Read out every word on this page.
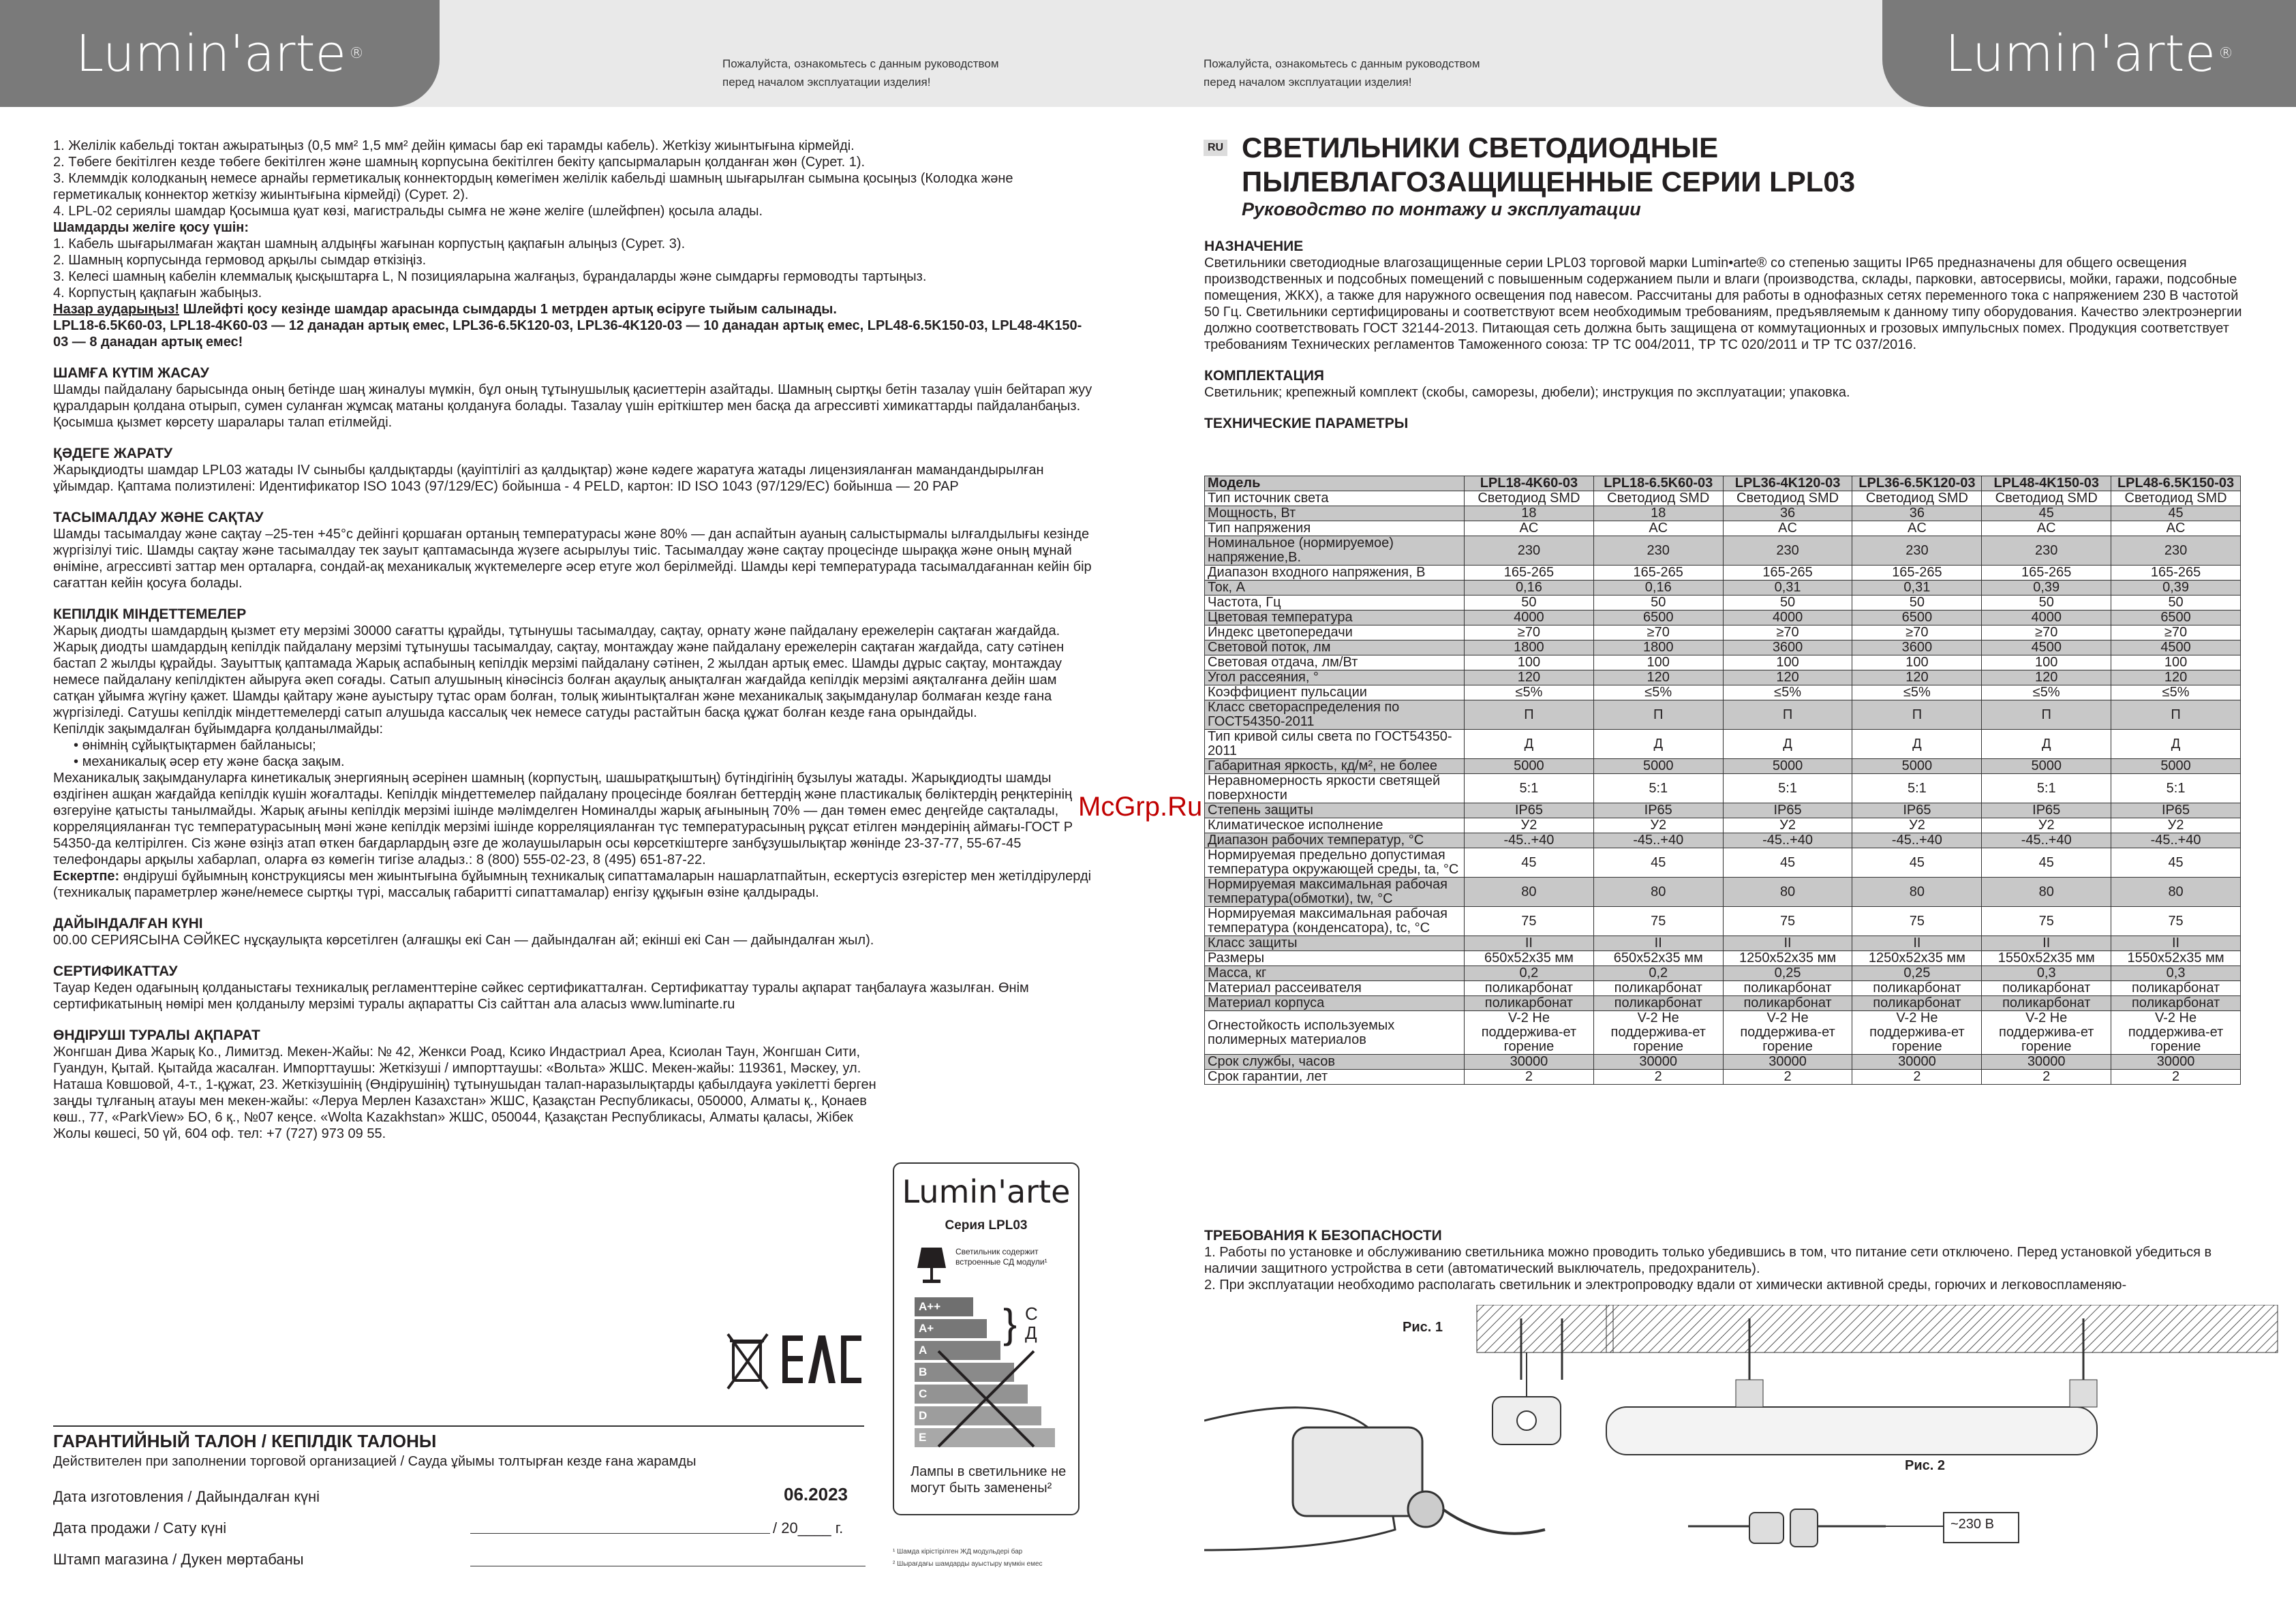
Lumin'arte ®	Lumin'arte ®
Пожалуйста, ознакомьтесь с данным руководством
перед началом эксплуатации изделия!
Пожалуйста, ознакомьтесь с данным руководством
перед началом эксплуатации изделия!

1. Желілік кабельді токтан ажыратыңыз (0,5 мм² 1,5 мм² дейін қимасы бар екі тарамды кабель). Жетkізу жиынтығына кірмейді.

2. Төбеге бекітілген кезде төбеге бекітілген және шамның корпусына бекітілген бекіту қапсырмаларын қолданған жөн (Сурет. 1).

3. Клеммдік колодканың немесе арнайы герметикалық коннектордың көмегімен желілік кабельді шамның шығарылған сымына қосыңыз (Колодка және герметикалық коннектор жеткізу жиынтығына кірмейді) (Сурет. 2).

4. LPL-02 сериялы шамдар Қосымша қуат көзі, магистральды сымға не және желіге (шлейфпен) қосыла алады.

Шамдарды желіге қосу үшін:

1. Кабель шығарылмаған жақтан шамның алдыңғы жағынан корпустың қақпағын алыңыз (Сурет. 3).

2. Шамның корпусында гермовод арқылы сымдар өткізіңіз.

3. Келесі шамның кабелін клеммалық қысқыштарға L, N позицияларына жалғаңыз, бұрандаларды және сымдарғы гермоводты тартыңыз.

4. Корпустың қақпағын жабыңыз.

Назар аударыңыз! Шлейфті қосу кезінде шамдар арасында сымдарды 1 метрден артық өсіруге тыйым салынады.

LPL18-6.5K60-03, LPL18-4K60-03 — 12 данадан артық емес, LPL36-6.5K120-03, LPL36-4K120-03 — 10 данадан артық емес, LPL48-6.5K150-03, LPL48-4K150-03 — 8 данадан артық емес!

ШАМҒА КҮТІМ ЖАСАУ

Шамды пайдалану барысында оның бетінде шаң жиналуы мүмкін, бұл оның тұтынушылық қасиеттерін азайтады. Шамның сыртқы бетін тазалау үшін бейтарап жуу құралдарын қолдана отырып, сумен суланған жұмсақ матаны қолдануға болады. Тазалау үшін еріткіштер мен басқа да агрессивті химикаттарды пайдаланбаңыз. Қосымша қызмет көрсету шаралары талап етілмейді.

ҚӘДЕГЕ ЖАРАТУ

Жарықдиодты шамдар LPL03 жатады IV сыныбы қалдықтарды (қауіптілігі аз қалдықтар) және кәдеге жаратуға жатады лицензияланған мамандандырылған ұйымдар. Қаптама полиэтилені: Идентификатор ISO 1043 (97/129/EC) бойынша - 4 PELD, картон: ID ISO 1043 (97/129/EC) бойынша — 20 PAP

ТАСЫМАЛДАУ ЖӘНЕ САҚТАУ

Шамды тасымалдау және сақтау –25-тен +45°с дейінгі қоршаған ортаның температурасы және 80% — дан аспайтын ауаның салыстырмалы ылғалдылығы кезінде жүргізілуі тиіс. Шамды сақтау және тасымалдау тек зауыт қаптамасында жүзеге асырылуы тиіс. Тасымалдау және сақтау процесінде шыраққа және оның мұнай өніміне, агрессивті заттар мен орталарға, сондай-ақ механикалық жүктемелерге әсер етуге жол берілмейді. Шамды кері температурада тасымалдағаннан кейін бір сағаттан кейін қосуға болады.

КЕПІЛДІК МІНДЕТТЕМЕЛЕР

Жарық диодты шамдардың қызмет ету мерзімі 30000 сағатты құрайды, тұтынушы тасымалдау, сақтау, орнату және пайдалану ережелерін сақтаған жағдайда. Жарық диодты шамдардың кепілдік пайдалану мерзімі тұтынушы тасымалдау, сақтау, монтаждау және пайдалану ережелерін сақтаған жағдайда, сату сәтінен бастап 2 жылды құрайды. Зауыттық қаптамада Жарық аспабының кепілдік мерзімі пайдалану сәтінен, 2 жылдан артық емес. Шамды дұрыс сақтау, монтаждау немесе пайдалану кепілдіктен айыруға әкеп соғады. Сатып алушының кінәсінсіз болған ақаулық анықталған жағдайда кепілдік мерзімі аяқталғанға дейін шам сатқан ұйымға жүгіну қажет. Шамды қайтару және ауыстыру тұтас орам болған, толық жиынтықталған және механикалық зақымданулар болмаған кезде ғана жүргізіледі. Сатушы кепілдік міндеттемелерді сатып алушыда кассалық чек немесе сатуды растайтын басқа құжат болған кезде ғана орындайды.

Кепілдік зақымдалған бұйымдарға қолданылмайды:

• өнімнің сұйықтықтармен байланысы;
• механикалық әсер ету және басқа зақым.

Механикалық зақымдануларға кинетикалық энергияның әсерінен шамның (корпустың, шашыратқыштың) бүтіндігінің бұзылуы жатады. Жарықдиодты шамды өздігінен ашқан жағдайда кепілдік күшін жоғалтады. Кепілдік міндеттемелер пайдалану процесінде боялған беттердің және пластикалық бөліктердің реңктерінің өзгеруіне қатысты танылмайды. Жарық ағыны кепілдік мерзімі ішінде мәлімделген Номиналды жарық ағынының 70% — дан төмен емес деңгейде сақталады, корреляцияланған түс температурасының мәні және кепілдік мерзімі ішінде корреляцияланған түс температурасының рұқсат етілген мәндерінің аймағы-ГОСТ Р 54350-да келтірілген. Сіз және өзіңіз атап өткен бағдарлардың әзге де жолаушыларын осы көрсеткіштерге занбұзушылықтар жөнінде 23-37-77, 55-67-45 телефондары арқылы хабарлап, оларға өз көмегін тигізе аладыз.: 8 (800) 555-02-23, 8 (495) 651-87-22.

Ескертпе: өндіруші бұйымның конструкциясы мен жиынтығына бұйымның техникалық сипаттамаларын нашарлатпайтын, ескертусіз өзгерістер мен жетілдірулерді (техникалық параметрлер және/немесе сыртқы түрі, массалық габаритті сипаттамалар) енгізу құқығын өзіне қалдырады.

ДАЙЫНДАЛҒАН КҮНІ

00.00 СЕРИЯСЫНА СӘЙКЕС нұсқаулықта көрсетілген (алғашқы екі Сан — дайындалған ай; екінші екі Сан — дайындалған жыл).

СЕРТИФИКАТТАУ

Тауар Кеден одағының қолданыстағы техникалық регламенттеріне сәйкес сертификатталған. Сертификаттау туралы ақпарат таңбалауға жазылған. Өнім сертификатының нөмірі мен қолданылу мерзімі туралы ақпаратты Сіз сайттан ала аласыз www.luminarte.ru

ӨНДІРУШІ ТУРАЛЫ АҚПАРАТ

Жонгшан Дива Жарық Ко., Лимитэд. Мекен-Жайы: № 42, Женкси Роад, Ксико Индастриал Ареа, Ксиолан Таун, Жонгшан Сити, Гуандун, Қытай. Қытайда жасалған. Импорттаушы: Жеткізуші / импорттаушы: «Вольта» ЖШС. Мекен-жайы: 119361, Мәскеу, ул. Наташа Ковшовой, 4-т., 1-құжат, 23. Жеткізушінің (Өндірушінің) тұтынушыдан талап-наразылықтарды қабылдауға уәкілетті берген заңды тұлғаның атауы мен мекен-жайы: «Леруа Мерлен Казахстан» ЖШС, Қазақстан Республикасы, 050000, Алматы қ., Қонаев көш., 77, «ParkView» БО, 6 қ., №07 кеңсе. «Wolta Kazakhstan» ЖШС, 050044, Қазақстан Республикасы, Алматы қаласы, Жібек Жолы көшесі, 50 үй, 604 оф. тел: +7 (727) 973 09 55.

Lumin'arte
Серия LPL03
Светильник содержит встроенные СД модули¹
A++
A+
A
B
C
D
E
} C
Д
Лампы в светильнике не могут быть заменены²
¹ Шамда кірістірілген ЖД модульдері бар
² Шырағдағы шамдарды ауыстыру мүмкін емес
ГАРАНТИЙНЫЙ ТАЛОН / КЕПІЛДІК ТАЛОНЫ
Действителен при заполнении торговой организацией / Сауда ұйымы толтырған кезде ғана жарамды
Дата изготовления / Дайындалған күні	06.2023
Дата продажи / Сату күні	/ 20____ г.
Штамп магазина / Дукен мөртабаны
RU СВЕТИЛЬНИКИ СВЕТОДИОДНЫЕ
ПЫЛЕВЛАГОЗАЩИЩЕННЫЕ СЕРИИ LPL03
Руководство по монтажу и эксплуатации

НАЗНАЧЕНИЕ

Светильники светодиодные влагозащищенные серии LPL03 торговой марки Lumin•arte® со степенью защиты IP65 предназначены для общего освещения производственных и подсобных помещений с повышенным содержанием пыли и влаги (производства, склады, парковки, автосервисы, мойки, гаражи, подсобные помещения, ЖКХ), а также для наружного освещения под навесом. Рассчитаны для работы в однофазных сетях переменного тока с напряжением 230 В частотой 50 Гц. Светильники сертифицированы и соответствуют всем необходимым требованиям, предъявляемым к данному типу оборудования. Качество электроэнергии должно соответствовать ГОСТ 32144-2013. Питающая сеть должна быть защищена от коммутационных и грозовых импульсных помех. Продукция соответствует требованиям Технических регламентов Таможенного союза: ТР ТС 004/2011, ТР ТС 020/2011 и ТР ТС 037/2016.

КОМПЛЕКТАЦИЯ

Светильник; крепежный комплект (скобы, саморезы, дюбели); инструкция по эксплуатации; упаковка.

ТЕХНИЧЕСКИЕ ПАРАМЕТРЫ

Модель	LPL18-4K60-03	LPL18-6.5K60-03	LPL36-4K120-03	LPL36-6.5K120-03	LPL48-4K150-03	LPL48-6.5K150-03
Тип источник света	Светодиод SMD	Светодиод SMD	Светодиод SMD	Светодиод SMD	Светодиод SMD	Светодиод SMD
Мощность, Вт	18	18	36	36	45	45
Тип напряжения	AC	AC	AC	AC	AC	AC
Номинальное (нормируемое) напряжение,В.	230	230	230	230	230	230
Диапазон входного напряжения, В	165-265	165-265	165-265	165-265	165-265	165-265
Ток, А	0,16	0,16	0,31	0,31	0,39	0,39
Частота, Гц	50	50	50	50	50	50
Цветовая температура	4000	6500	4000	6500	4000	6500
Индекс цветопередачи	≥70	≥70	≥70	≥70	≥70	≥70
Световой поток, лм	1800	1800	3600	3600	4500	4500
Световая отдача, лм/Вт	100	100	100	100	100	100
Угол рассеяния, °	120	120	120	120	120	120
Коэффициент пульсации	≤5%	≤5%	≤5%	≤5%	≤5%	≤5%
Класс светораспределения по ГОСТ54350-2011	П	П	П	П	П	П
Тип кривой силы света по ГОСТ54350-2011	Д	Д	Д	Д	Д	Д
Габаритная яркость, кд/м², не более	5000	5000	5000	5000	5000	5000
Неравномерность яркости светящей поверхности	5:1	5:1	5:1	5:1	5:1	5:1
Степень защиты	IP65	IP65	IP65	IP65	IP65	IP65
Климатическое исполнение	У2	У2	У2	У2	У2	У2
Диапазон рабочих температур, °С	-45..+40	-45..+40	-45..+40	-45..+40	-45..+40	-45..+40
Нормируемая предельно допустимая температура окружающей среды, ta, °С	45	45	45	45	45	45
Нормируемая максимальная рабочая температура(обмотки), tw, °С	80	80	80	80	80	80
Нормируемая максимальная рабочая температура (конденсатора), tc, °С	75	75	75	75	75	75
Класс защиты	II	II	II	II	II	II
Размеры	650х52х35 мм	650х52х35 мм	1250х52х35 мм	1250х52х35 мм	1550х52х35 мм	1550х52х35 мм
Масса, кг	0,2	0,2	0,25	0,25	0,3	0,3
Материал рассеивателя	поликарбонат	поликарбонат	поликарбонат	поликарбонат	поликарбонат	поликарбонат
Материал корпуса	поликарбонат	поликарбонат	поликарбонат	поликарбонат	поликарбонат	поликарбонат
Огнестойкость используемых полимерных материалов	V-2 Не поддержива-ет горение	V-2 Не поддержива-ет горение	V-2 Не поддержива-ет горение	V-2 Не поддержива-ет горение	V-2 Не поддержива-ет горение	V-2 Не поддержива-ет горение
Срок службы, часов	30000	30000	30000	30000	30000	30000
Срок гарантии, лет	2	2	2	2	2	2
McGrp.Ru

ТРЕБОВАНИЯ К БЕЗОПАСНОСТИ

1. Работы по установке и обслуживанию светильника можно проводить только убедившись в том, что питание сети отключено. Перед установкой убедиться в наличии защитного устройства в сети (автоматический выключатель, предохранитель).

2. При эксплуатации необходимо располагать светильник и электропроводку вдали от химически активной среды, горючих и легковоспламеняю-

Рис. 1
Рис. 2
~230 В
